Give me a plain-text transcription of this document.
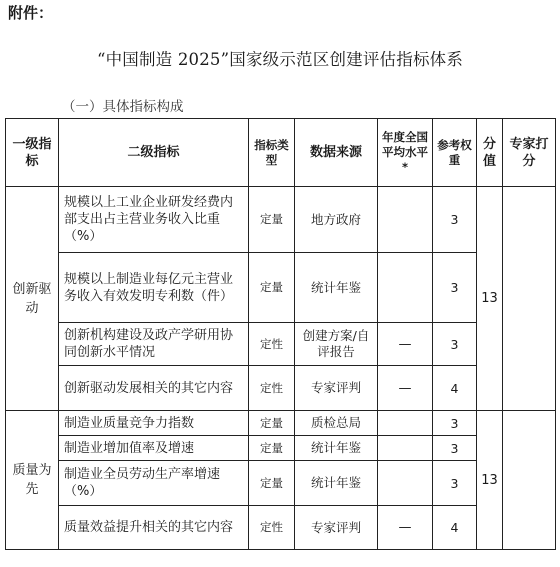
附件：
“中国制造 2025”国家级示范区创建评估指标体系
（一）具体指标构成
一级指标	二级指标	指标类型	数据来源	年度全国平均水平*	参考权重	分值	专家打分
创新驱动	规模以上工业企业研发经费内部支出占主营业务收入比重（%）	定量	地方政府		3	13	
	规模以上制造业每亿元主营业务收入有效发明专利数（件）	定量	统计年鉴		3		
	创新机构建设及政产学研用协同创新水平情况	定性	创建方案/自评报告	—	3		
	创新驱动发展相关的其它内容	定性	专家评判	—	4		
质量为先	制造业质量竞争力指数	定量	质检总局		3	13	
	制造业增加值率及增速	定量	统计年鉴		3		
	制造业全员劳动生产率增速（%）	定量	统计年鉴		3		
	质量效益提升相关的其它内容	定性	专家评判	—	4		
